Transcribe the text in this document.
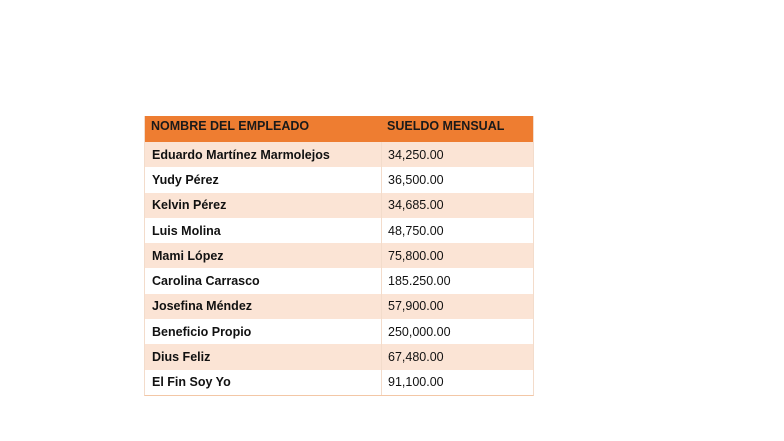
NOMBRE DEL EMPLEADO	SUELDO MENSUAL
Eduardo Martínez Marmolejos	34,250.00
Yudy Pérez	36,500.00
Kelvin Pérez	34,685.00
Luis Molina	48,750.00
Mami López	75,800.00
Carolina Carrasco	185.250.00
Josefina Méndez	57,900.00
Beneficio Propio	250,000.00
Dius Feliz	67,480.00
El Fin Soy Yo	91,100.00
